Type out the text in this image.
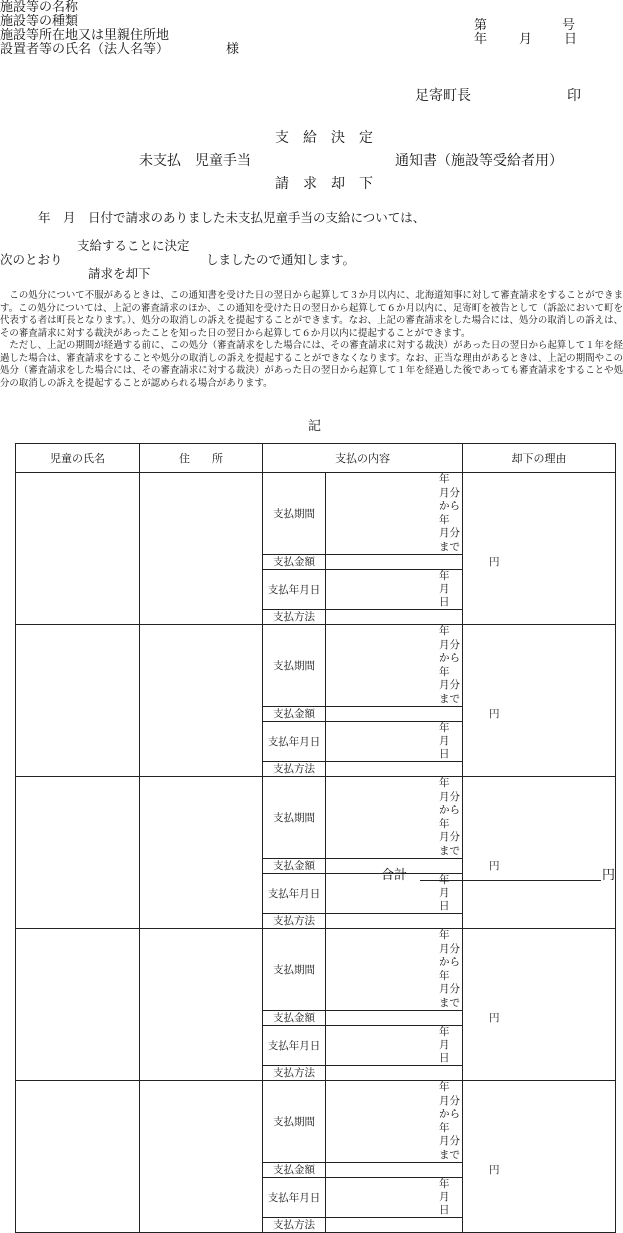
施設等の名称
施設等の種類
施設等所在地又は里親住所地
設置者等の氏名（法人名等）	様
第	号
年 月 日
足寄町長	印
支　給　決　定
未支払　児童手当	通知書（施設等受給者用）
請　求　却　下
年　月　日付で請求のありました未支払児童手当の支給については、
支給することに決定
次のとおり	しましたので通知します。
請求を却下

この処分について不服があるときは、この通知書を受けた日の翌日から起算して３か月以内に、北海道知事に対して審査請求をすることができます。この処分については、上記の審査請求のほか、この通知を受けた日の翌日から起算して６か月以内に、足寄町を被告として（訴訟において町を代表する者は町長となります。）、処分の取消しの訴えを提起することができます。なお、上記の審査請求をした場合には、処分の取消しの訴えは、その審査請求に対する裁決があったことを知った日の翌日から起算して６か月以内に提起することができます。

ただし、上記の期間が経過する前に、この処分（審査請求をした場合には、その審査請求に対する裁決）があった日の翌日から起算して１年を経過した場合は、審査請求をすることや処分の取消しの訴えを提起することができなくなります。なお、正当な理由があるときは、上記の期間やこの処分（審査請求をした場合には、その審査請求に対する裁決）があった日の翌日から起算して１年を経過した後であっても審査請求をすることや処分の取消しの訴えを提起することが認められる場合があります。

記
児童の氏名	住　　所	支払の内容		却下の理由
		支払期間	年　　月分から
年　　月分まで	

		支払金額	円	
		支払年月日	年　　　月　　　日	

		支払方法		
		支払期間	年　　月分から
年　　月分まで	

		支払金額	円	
		支払年月日	年　　　月　　　日	

		支払方法		
		支払期間	年　　月分から
年　　月分まで	

		支払金額	円	
		支払年月日	年　　　月　　　日	

		支払方法		
		支払期間	年　　月分から
年　　月分まで	

		支払金額	円	
		支払年月日	年　　　月　　　日	

		支払方法		
		支払期間	年　　月分から
年　　月分まで	

		支払金額	円	
		支払年月日	年　　　月　　　日	

		支払方法		
合計	円
